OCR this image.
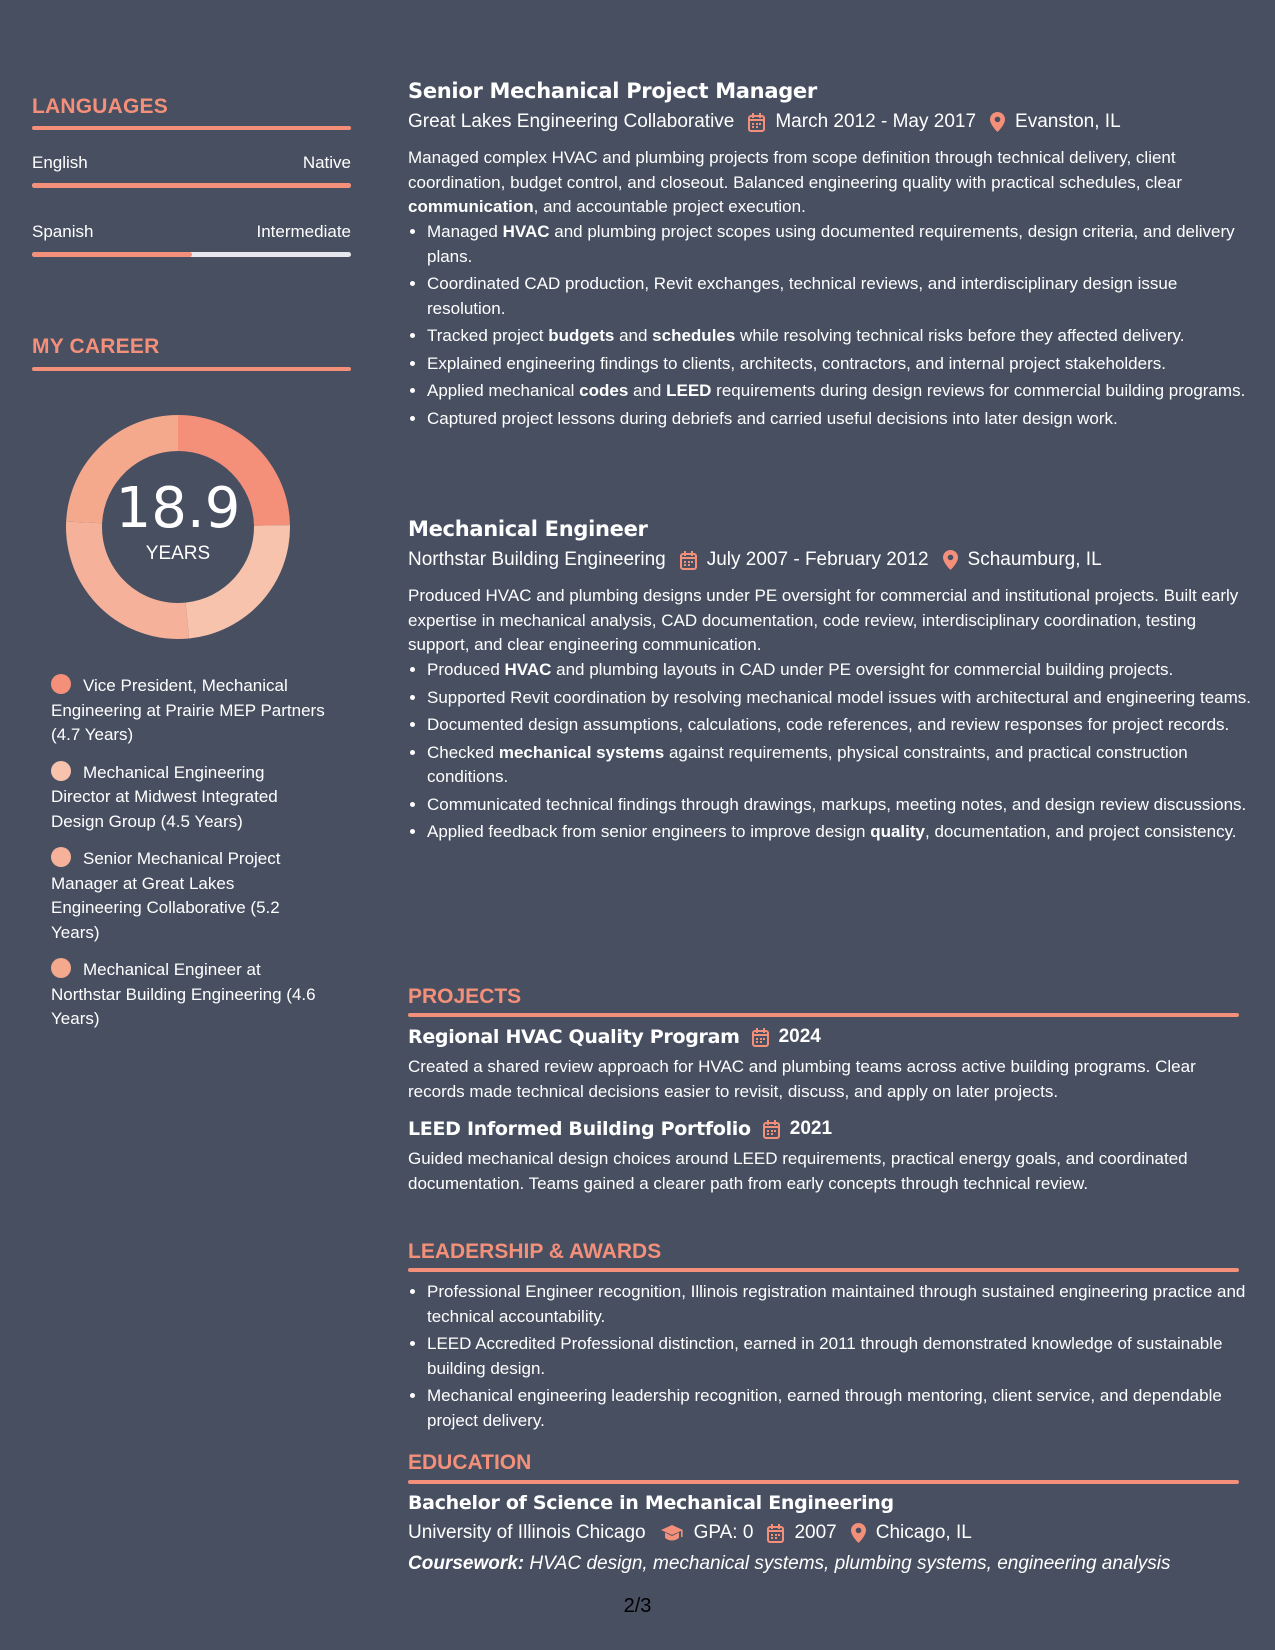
LANGUAGES
English	Native
Spanish	Intermediate
MY CAREER
18.9
YEARS
Vice President, Mechanical Engineering at Prairie MEP Partners (4.7 Years)
Mechanical Engineering Director at Midwest Integrated Design Group (4.5 Years)
Senior Mechanical Project Manager at Great Lakes Engineering Collaborative (5.2 Years)
Mechanical Engineer at Northstar Building Engineering (4.6 Years)
Senior Mechanical Project Manager
Great Lakes Engineering Collaborative March 2012 - May 2017 Evanston, IL

Managed complex HVAC and plumbing projects from scope definition through technical delivery, client coordination, budget control, and closeout. Balanced engineering quality with practical schedules, clear communication, and accountable project execution.

• Managed HVAC and plumbing project scopes using documented requirements, design criteria, and delivery plans.
• Coordinated CAD production, Revit exchanges, technical reviews, and interdisciplinary design issue resolution.
• Tracked project budgets and schedules while resolving technical risks before they affected delivery.
• Explained engineering findings to clients, architects, contractors, and internal project stakeholders.
• Applied mechanical codes and LEED requirements during design reviews for commercial building programs.
• Captured project lessons during debriefs and carried useful decisions into later design work.
Mechanical Engineer
Northstar Building Engineering July 2007 - February 2012 Schaumburg, IL

Produced HVAC and plumbing designs under PE oversight for commercial and institutional projects. Built early expertise in mechanical analysis, CAD documentation, code review, interdisciplinary coordination, testing support, and clear engineering communication.

• Produced HVAC and plumbing layouts in CAD under PE oversight for commercial building projects.
• Supported Revit coordination by resolving mechanical model issues with architectural and engineering teams.
• Documented design assumptions, calculations, code references, and review responses for project records.
• Checked mechanical systems against requirements, physical constraints, and practical construction conditions.
• Communicated technical findings through drawings, markups, meeting notes, and design review discussions.
• Applied feedback from senior engineers to improve design quality, documentation, and project consistency.
PROJECTS
Regional HVAC Quality Program 2024

Created a shared review approach for HVAC and plumbing teams across active building programs. Clear records made technical decisions easier to revisit, discuss, and apply on later projects.

LEED Informed Building Portfolio 2021

Guided mechanical design choices around LEED requirements, practical energy goals, and coordinated documentation. Teams gained a clearer path from early concepts through technical review.

LEADERSHIP & AWARDS
• Professional Engineer recognition, Illinois registration maintained through sustained engineering practice and technical accountability.
• LEED Accredited Professional distinction, earned in 2011 through demonstrated knowledge of sustainable building design.
• Mechanical engineering leadership recognition, earned through mentoring, client service, and dependable project delivery.
EDUCATION
Bachelor of Science in Mechanical Engineering
University of Illinois Chicago	GPA: 0 2007 Chicago, IL
Coursework: HVAC design, mechanical systems, plumbing systems, engineering analysis
2/3
